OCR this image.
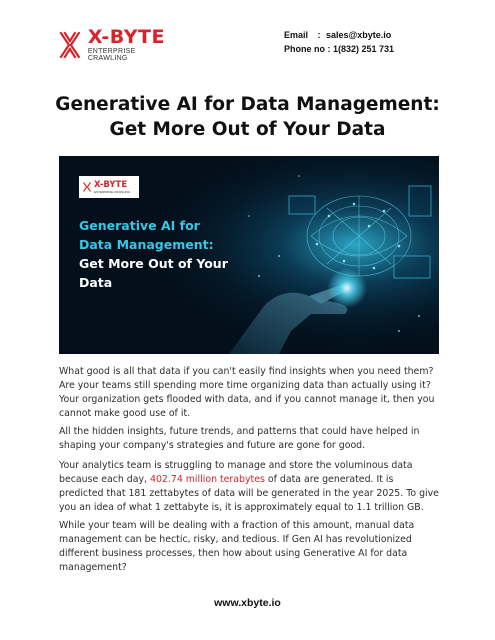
X-BYTE
ENTERPRISE CRAWLING
Email : sales@xbyte.io
Phone no : 1(832) 251 731
Generative AI for Data Management:
Get More Out of Your Data
X-BYTE
ENTERPRISE CRAWLING
Generative AI for
Data Management:
Get More Out of Your
Data

What good is all that data if you can't easily find insights when you need them? Are your teams still spending more time organizing data than actually using it? Your organization gets flooded with data, and if you cannot manage it, then you cannot make good use of it.

All the hidden insights, future trends, and patterns that could have helped in shaping your company's strategies and future are gone for good.

Your analytics team is struggling to manage and store the voluminous data because each day, 402.74 million terabytes of data are generated. It is predicted that 181 zettabytes of data will be generated in the year 2025. To give you an idea of what 1 zettabyte is, it is approximately equal to 1.1 trillion GB.

While your team will be dealing with a fraction of this amount, manual data management can be hectic, risky, and tedious. If Gen AI has revolutionized different business processes, then how about using Generative AI for data management?

www.xbyte.io
